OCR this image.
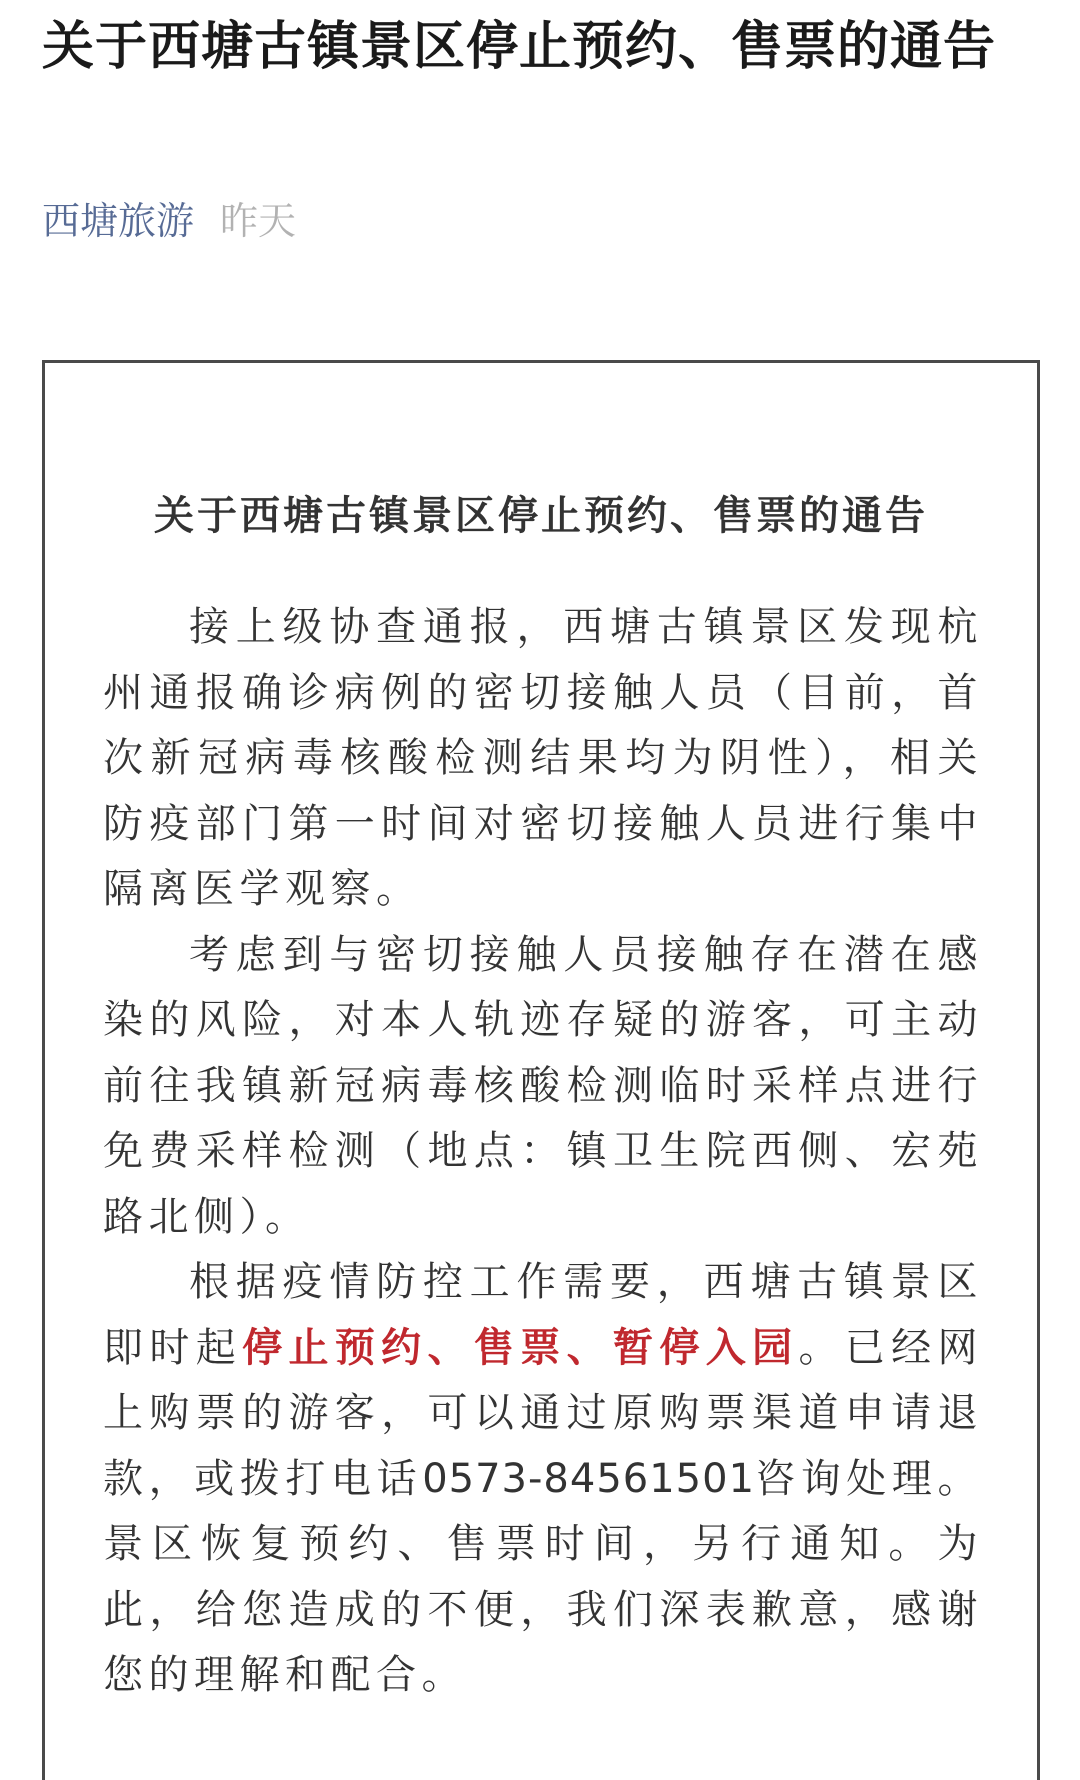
关于西塘古镇景区停止预约、售票的通告
西塘旅游 昨天
关于西塘古镇景区停止预约、售票的通告

接上级协查通报，西塘古镇景区发现杭州通报确诊病例的密切接触人员（目前，首次新冠病毒核酸检测结果均为阴性），相关防疫部门第一时间对密切接触人员进行集中隔离医学观察。

考虑到与密切接触人员接触存在潜在感染的风险，对本人轨迹存疑的游客，可主动前往我镇新冠病毒核酸检测临时采样点进行免费采样检测（地点：镇卫生院西侧、宏苑路北侧）。

根据疫情防控工作需要，西塘古镇景区即时起停止预约、售票、暂停入园。已经网上购票的游客，可以通过原购票渠道申请退款，或拨打电话0573-84561501咨询处理。景区恢复预约、售票时间，另行通知。为此，给您造成的不便，我们深表歉意，感谢您的理解和配合。
